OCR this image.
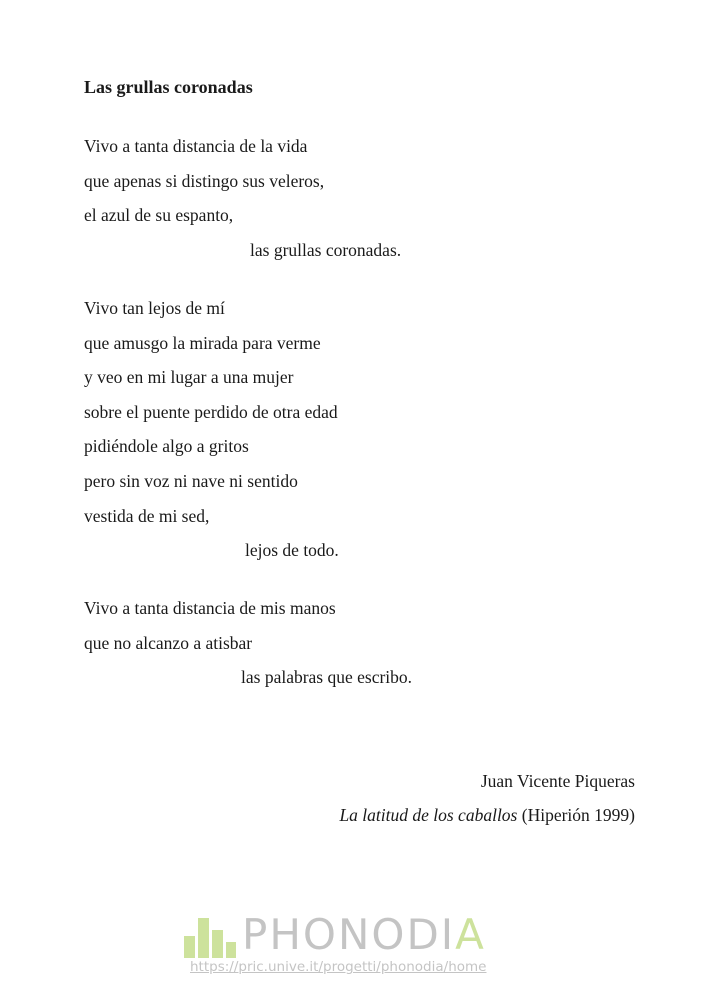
Las grullas coronadas
Vivo a tanta distancia de la vida
que apenas si distingo sus veleros,
el azul de su espanto,
las grullas coronadas.
Vivo tan lejos de mí
que amusgo la mirada para verme
y veo en mi lugar a una mujer
sobre el puente perdido de otra edad
pidiéndole algo a gritos
pero sin voz ni nave ni sentido
vestida de mi sed,
lejos de todo.
Vivo a tanta distancia de mis manos
que no alcanzo a atisbar
las palabras que escribo.
Juan Vicente Piqueras
La latitud de los caballos (Hiperión 1999)
PHONODIA
https://pric.unive.it/progetti/phonodia/home
